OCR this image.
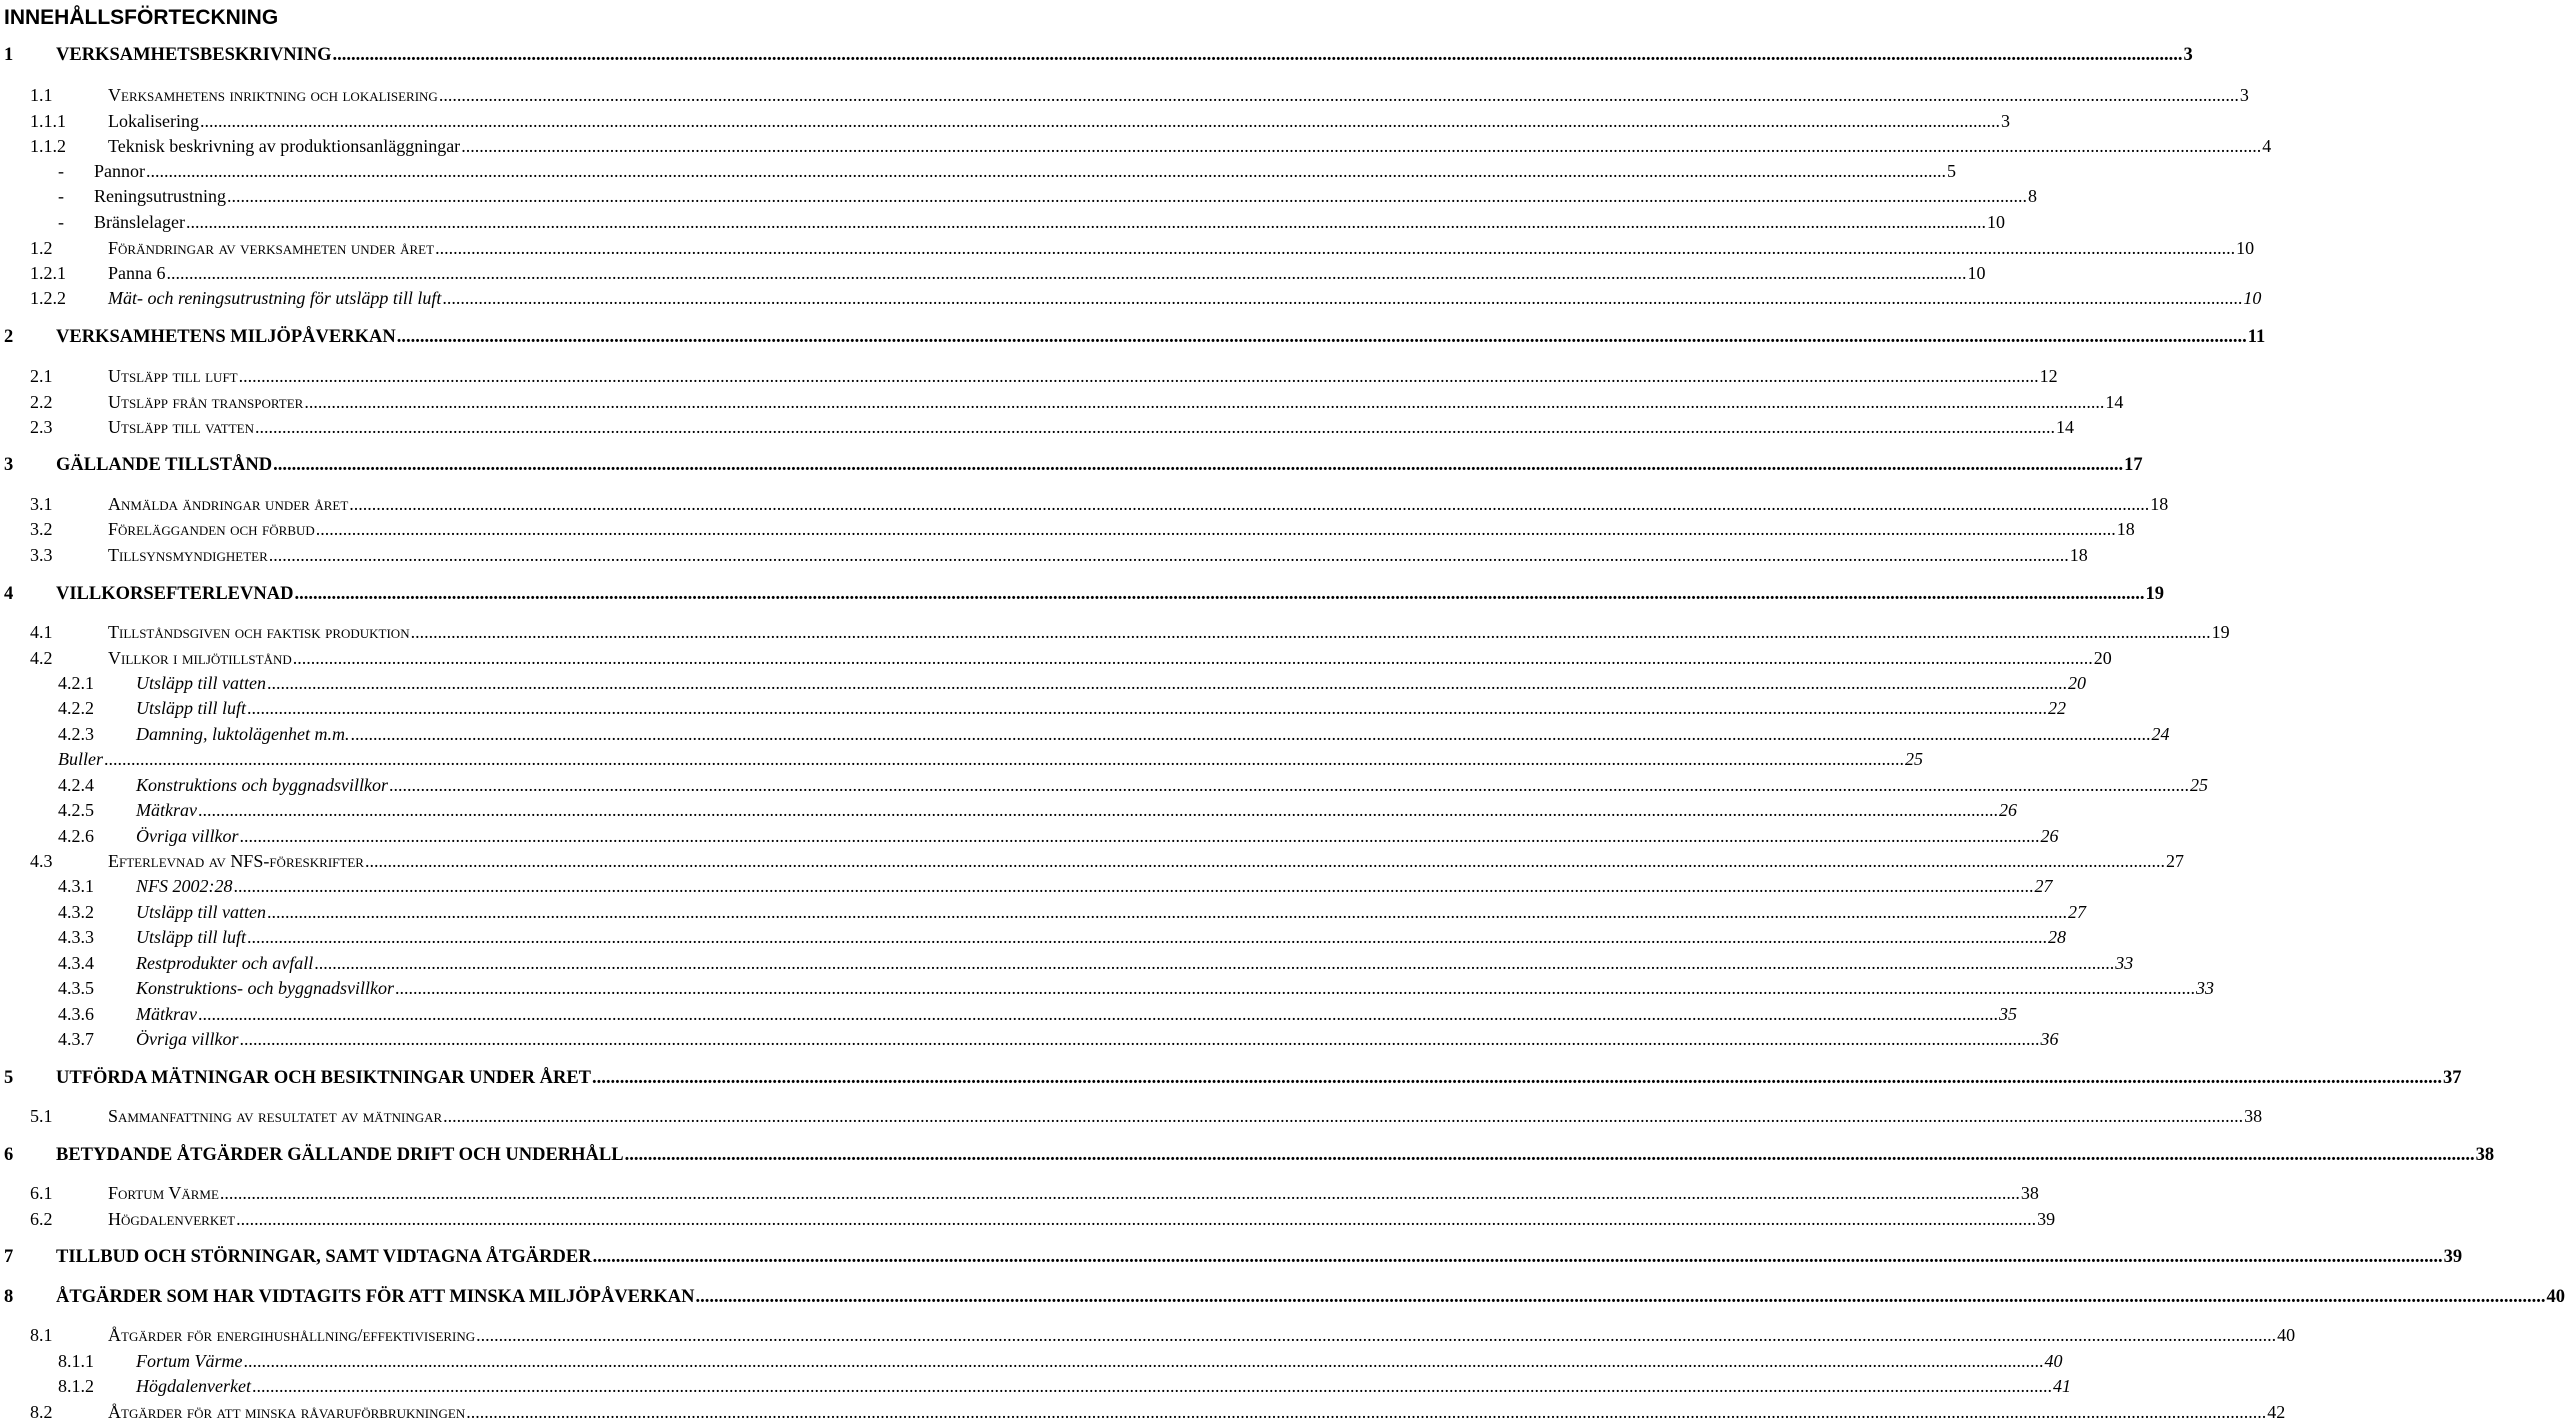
INNEHÅLLSFÖRTECKNING
1	VERKSAMHETSBESKRIVNING ................................................................................................................................................................................................................................................................................................................................................................................................................ 3
1.1	Verksamhetens inriktning och lokalisering ................................................................................................................................................................................................................................................................................................................................................................................................................ 3
1.1.1	Lokalisering ................................................................................................................................................................................................................................................................................................................................................................................................................ 3
1.1.2	Teknisk beskrivning av produktionsanläggningar ................................................................................................................................................................................................................................................................................................................................................................................................................ 4
-	Pannor ................................................................................................................................................................................................................................................................................................................................................................................................................ 5
-	Reningsutrustning ................................................................................................................................................................................................................................................................................................................................................................................................................ 8
-	Bränslelager ................................................................................................................................................................................................................................................................................................................................................................................................................ 10
1.2	Förändringar av verksamheten under året ................................................................................................................................................................................................................................................................................................................................................................................................................ 10
1.2.1	Panna 6 ................................................................................................................................................................................................................................................................................................................................................................................................................ 10
1.2.2	Mät- och reningsutrustning för utsläpp till luft ................................................................................................................................................................................................................................................................................................................................................................................................................ 10
2	VERKSAMHETENS MILJÖPÅVERKAN ................................................................................................................................................................................................................................................................................................................................................................................................................ 11
2.1	Utsläpp till luft ................................................................................................................................................................................................................................................................................................................................................................................................................ 12
2.2	Utsläpp från transporter ................................................................................................................................................................................................................................................................................................................................................................................................................ 14
2.3	Utsläpp till vatten ................................................................................................................................................................................................................................................................................................................................................................................................................ 14
3	GÄLLANDE TILLSTÅND ................................................................................................................................................................................................................................................................................................................................................................................................................ 17
3.1	Anmälda ändringar under året ................................................................................................................................................................................................................................................................................................................................................................................................................ 18
3.2	Förelägganden och förbud ................................................................................................................................................................................................................................................................................................................................................................................................................ 18
3.3	Tillsynsmyndigheter ................................................................................................................................................................................................................................................................................................................................................................................................................ 18
4	VILLKORSEFTERLEVNAD ................................................................................................................................................................................................................................................................................................................................................................................................................ 19
4.1	Tillståndsgiven och faktisk produktion ................................................................................................................................................................................................................................................................................................................................................................................................................ 19
4.2	Villkor i miljötillstånd ................................................................................................................................................................................................................................................................................................................................................................................................................ 20
4.2.1	Utsläpp till vatten ................................................................................................................................................................................................................................................................................................................................................................................................................ 20
4.2.2	Utsläpp till luft ................................................................................................................................................................................................................................................................................................................................................................................................................ 22
4.2.3	Damning, luktolägenhet m.m. ................................................................................................................................................................................................................................................................................................................................................................................................................ 24
Buller ................................................................................................................................................................................................................................................................................................................................................................................................................ 25
4.2.4	Konstruktions och byggnadsvillkor ................................................................................................................................................................................................................................................................................................................................................................................................................ 25
4.2.5	Mätkrav ................................................................................................................................................................................................................................................................................................................................................................................................................ 26
4.2.6	Övriga villkor ................................................................................................................................................................................................................................................................................................................................................................................................................ 26
4.3	Efterlevnad av NFS-föreskrifter ................................................................................................................................................................................................................................................................................................................................................................................................................ 27
4.3.1	NFS 2002:28 ................................................................................................................................................................................................................................................................................................................................................................................................................ 27
4.3.2	Utsläpp till vatten ................................................................................................................................................................................................................................................................................................................................................................................................................ 27
4.3.3	Utsläpp till luft ................................................................................................................................................................................................................................................................................................................................................................................................................ 28
4.3.4	Restprodukter och avfall ................................................................................................................................................................................................................................................................................................................................................................................................................ 33
4.3.5	Konstruktions- och byggnadsvillkor ................................................................................................................................................................................................................................................................................................................................................................................................................ 33
4.3.6	Mätkrav ................................................................................................................................................................................................................................................................................................................................................................................................................ 35
4.3.7	Övriga villkor ................................................................................................................................................................................................................................................................................................................................................................................................................ 36
5	UTFÖRDA MÄTNINGAR OCH BESIKTNINGAR UNDER ÅRET ................................................................................................................................................................................................................................................................................................................................................................................................................ 37
5.1	Sammanfattning av resultatet av mätningar ................................................................................................................................................................................................................................................................................................................................................................................................................ 38
6	BETYDANDE ÅTGÄRDER GÄLLANDE DRIFT OCH UNDERHÅLL ................................................................................................................................................................................................................................................................................................................................................................................................................ 38
6.1	Fortum Värme ................................................................................................................................................................................................................................................................................................................................................................................................................ 38
6.2	Högdalenverket ................................................................................................................................................................................................................................................................................................................................................................................................................ 39
7	TILLBUD OCH STÖRNINGAR, SAMT VIDTAGNA ÅTGÄRDER ................................................................................................................................................................................................................................................................................................................................................................................................................ 39
8	ÅTGÄRDER SOM HAR VIDTAGITS FÖR ATT MINSKA MILJÖPÅVERKAN ................................................................................................................................................................................................................................................................................................................................................................................................................ 40
8.1	Åtgärder för energihushållning/effektivisering ................................................................................................................................................................................................................................................................................................................................................................................................................ 40
8.1.1	Fortum Värme ................................................................................................................................................................................................................................................................................................................................................................................................................ 40
8.1.2	Högdalenverket ................................................................................................................................................................................................................................................................................................................................................................................................................ 41
8.2	Åtgärder för att minska råvaruförbrukningen ................................................................................................................................................................................................................................................................................................................................................................................................................ 42
